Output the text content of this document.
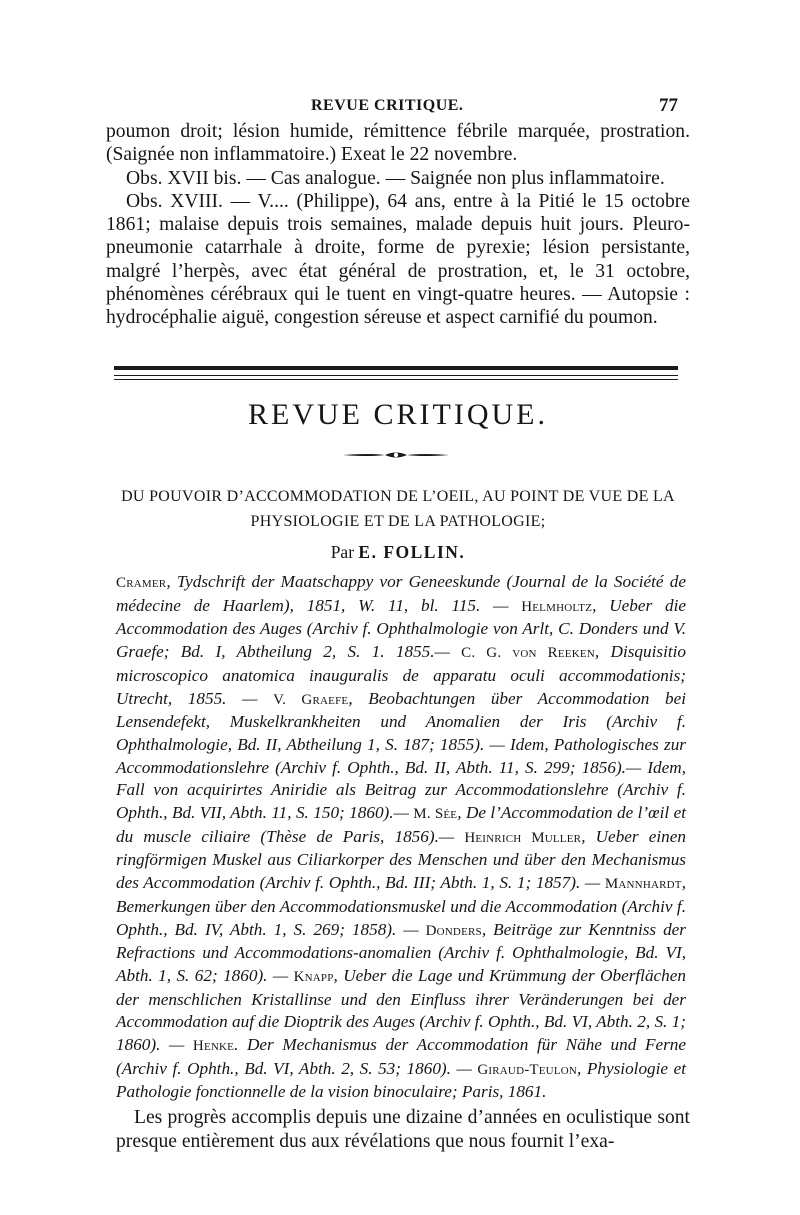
REVUE CRITIQUE.	77

poumon droit; lésion humide, rémittence fébrile marquée, prostration. (Saignée non inflammatoire.) Exeat le 22 novembre.

Obs. XVII bis. — Cas analogue. — Saignée non plus inflammatoire.

Obs. XVIII. — V.... (Philippe), 64 ans, entre à la Pitié le 15 octobre 1861; malaise depuis trois semaines, malade depuis huit jours. Pleuro-pneumonie catarrhale à droite, forme de pyrexie; lésion persistante, malgré l’herpès, avec état général de prostration, et, le 31 octobre, phénomènes cérébraux qui le tuent en vingt-quatre heures. — Autopsie : hydrocéphalie aiguë, congestion séreuse et aspect carnifié du poumon.

REVUE CRITIQUE.

DU POUVOIR D’ACCOMMODATION DE L’OEIL, AU POINT DE VUE DE LA

PHYSIOLOGIE ET DE LA PATHOLOGIE;

Par E. FOLLIN.
Cramer, Tydschrift der Maatschappy vor Geneeskunde (Journal de la Société de médecine de Haarlem), 1851, W. 11, bl. 115. — Helmholtz, Ueber die Accommodation des Auges (Archiv f. Ophthalmologie von Arlt, C. Donders und V. Graefe; Bd. I, Abtheilung 2, S. 1. 1855.— C. G. von Reeken, Disquisitio microscopico anatomica inauguralis de apparatu oculi accommodationis; Utrecht, 1855. — V. Graefe, Beobachtungen über Accommodation bei Lensendefekt, Muskelkrankheiten und Anomalien der Iris (Archiv f. Ophthalmologie, Bd. II, Abtheilung 1, S. 187; 1855). — Idem, Pathologisches zur Accommodationslehre (Archiv f. Ophth., Bd. II, Abth. 11, S. 299; 1856).— Idem, Fall von acquirirtes Aniridie als Beitrag zur Accommodationslehre (Archiv f. Ophth., Bd. VII, Abth. 11, S. 150; 1860).— M. Sée, De l’Accommodation de l’œil et du muscle ciliaire (Thèse de Paris, 1856).— Heinrich Muller, Ueber einen ringförmigen Muskel aus Ciliarkorper des Menschen und über den Mechanismus des Accommodation (Archiv f. Ophth., Bd. III; Abth. 1, S. 1; 1857). — Mannhardt, Bemerkungen über den Accommodationsmuskel und die Accommodation (Archiv f. Ophth., Bd. IV, Abth. 1, S. 269; 1858). — Donders, Beiträge zur Kenntniss der Refractions und Accommodations-anomalien (Archiv f. Ophthalmologie, Bd. VI, Abth. 1, S. 62; 1860). — Knapp, Ueber die Lage und Krümmung der Oberflächen der menschlichen Kristallinse und den Einfluss ihrer Veränderungen bei der Accommodation auf die Dioptrik des Auges (Archiv f. Ophth., Bd. VI, Abth. 2, S. 1; 1860). — Henke. Der Mechanismus der Accommodation für Nähe und Ferne (Archiv f. Ophth., Bd. VI, Abth. 2, S. 53; 1860). — Giraud-Teulon, Physiologie et Pathologie fonctionnelle de la vision binoculaire; Paris, 1861.

Les progrès accomplis depuis une dizaine d’années en oculistique sont presque entièrement dus aux révélations que nous fournit l’exa-
